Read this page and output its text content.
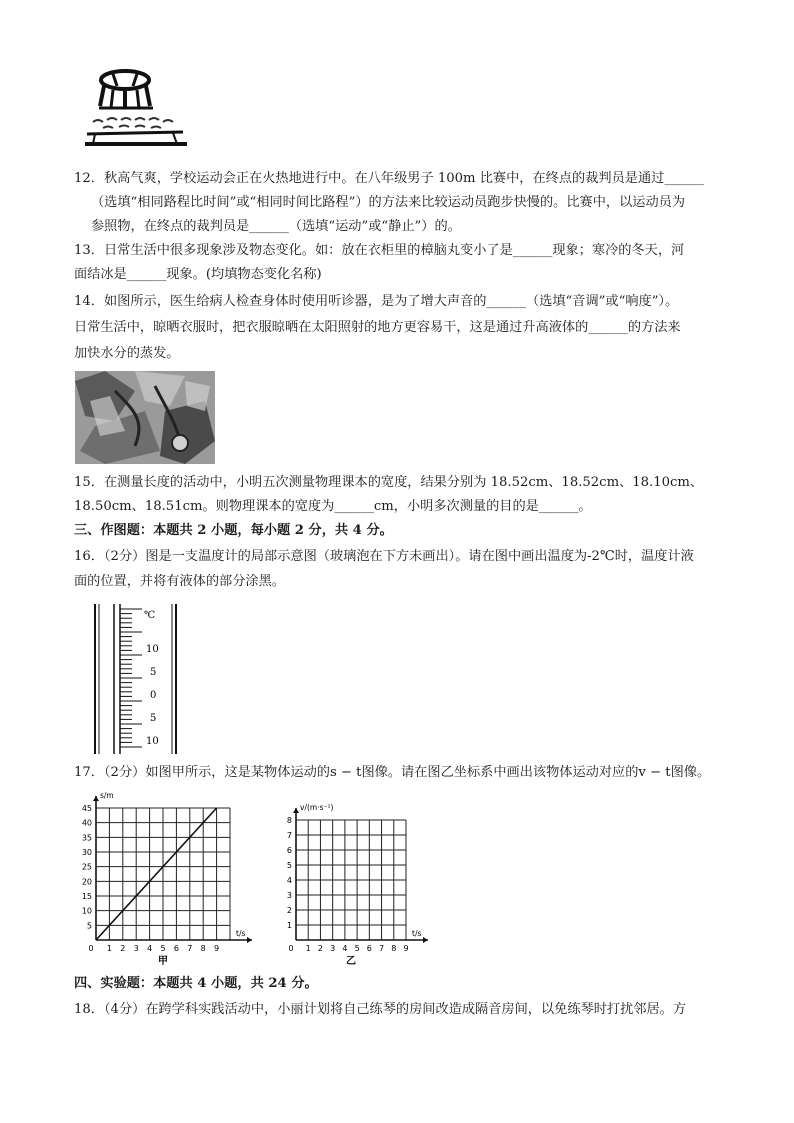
12．秋高气爽，学校运动会正在火热地进行中。在八年级男子 100m 比赛中，在终点的裁判员是通过______
（选填“相同路程比时间”或“相同时间比路程”）的方法来比较运动员跑步快慢的。比赛中，以运动员为
参照物，在终点的裁判员是______（选填“运动”或“静止”）的。
13．日常生活中很多现象涉及物态变化。如：放在衣柜里的樟脑丸变小了是______现象；寒冷的冬天，河
面结冰是______现象。(均填物态变化名称)
14．如图所示，医生给病人检查身体时使用听诊器，是为了增大声音的______（选填“音调”或“响度”）。
日常生活中，晾晒衣服时，把衣服晾晒在太阳照射的地方更容易干，这是通过升高液体的______的方法来
加快水分的蒸发。
15．在测量长度的活动中，小明五次测量物理课本的宽度，结果分别为 18.52cm、18.52cm、18.10cm、
18.50cm、18.51cm。则物理课本的宽度为______cm，小明多次测量的目的是______。
三、作图题：本题共 2 小题，每小题 2 分，共 4 分。
16．（2分）图是一支温度计的局部示意图（玻璃泡在下方未画出）。请在图中画出温度为-2℃时，温度计液
面的位置，并将有液体的部分涂黑。
℃
10
5
0
5
10
17．（2分）如图甲所示，这是某物体运动的s − t图像。请在图乙坐标系中画出该物体运动对应的v − t图像。
0 1 2 3 4 5 6 7 8 9
5
10
15
20
25
30
35
40
45
s/m
t/s
甲
0 1 2 3 4 5 6 7 8 9
1
2
3
4
5
6
7
8
v/(m·s⁻¹)
t/s
乙
四、实验题：本题共 4 小题，共 24 分。
18．（4分）在跨学科实践活动中，小丽计划将自己练琴的房间改造成隔音房间，以免练琴时打扰邻居。方
